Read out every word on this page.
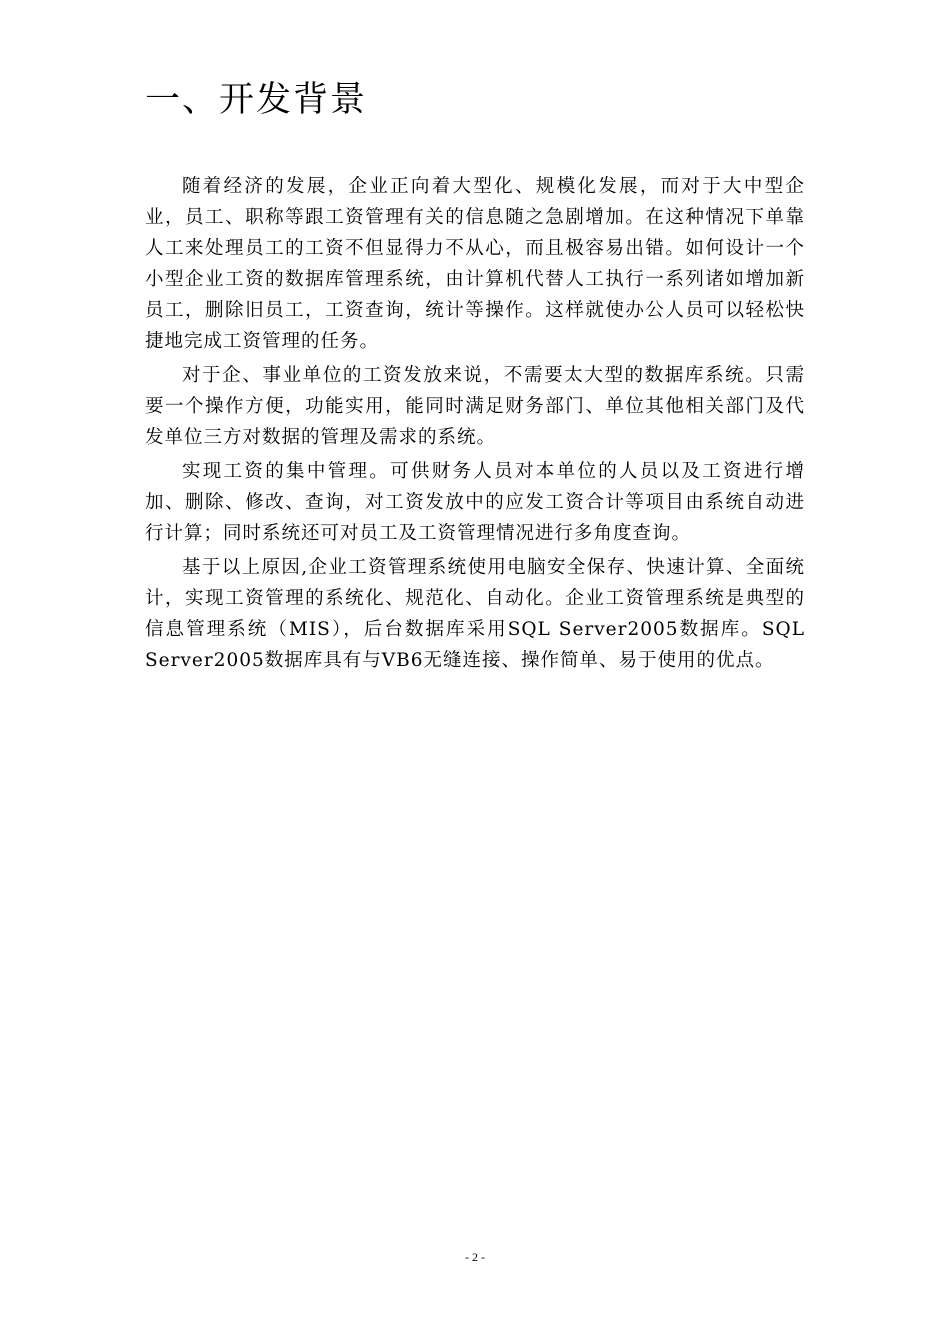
一、开发背景

随着经济的发展，企业正向着大型化、规模化发展，而对于大中型企业，员工、职称等跟工资管理有关的信息随之急剧增加。在这种情况下单靠人工来处理员工的工资不但显得力不从心，而且极容易出错。如何设计一个小型企业工资的数据库管理系统，由计算机代替人工执行一系列诸如增加新员工，删除旧员工，工资查询，统计等操作。这样就使办公人员可以轻松快捷地完成工资管理的任务。

对于企、事业单位的工资发放来说，不需要太大型的数据库系统。只需要一个操作方便，功能实用，能同时满足财务部门、单位其他相关部门及代发单位三方对数据的管理及需求的系统。

实现工资的集中管理。可供财务人员对本单位的人员以及工资进行增加、删除、修改、查询，对工资发放中的应发工资合计等项目由系统自动进行计算；同时系统还可对员工及工资管理情况进行多角度查询。

基于以上原因,企业工资管理系统使用电脑安全保存、快速计算、全面统计，实现工资管理的系统化、规范化、自动化。企业工资管理系统是典型的信息管理系统（MIS），后台数据库采用SQL Server2005数据库。SQL Server2005数据库具有与VB6无缝连接、操作简单、易于使用的优点。

- 2 -
